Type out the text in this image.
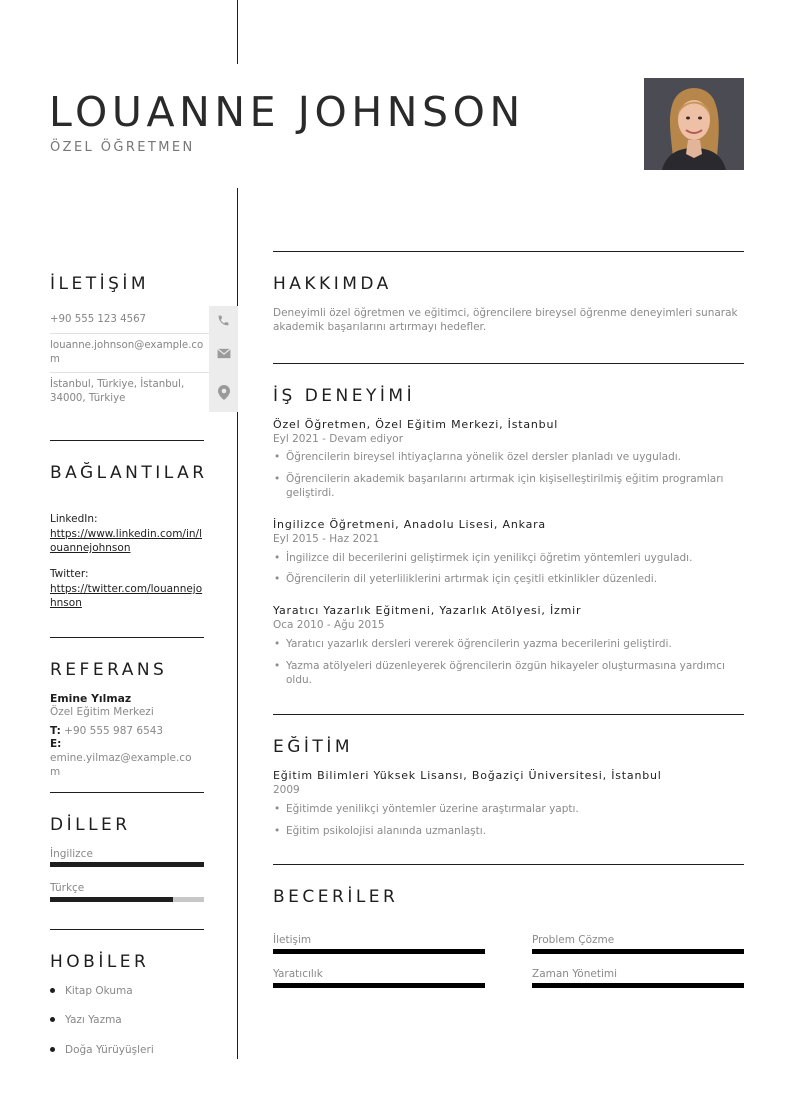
LOUANNE JOHNSON
ÖZEL ÖĞRETMEN
İLETİŞİM
+90 555 123 4567
louanne.johnson@example.com
İstanbul, Türkiye, İstanbul, 34000, Türkiye
BAĞLANTILAR
LinkedIn:
https://www.linkedin.com/in/louannejohnson
Twitter:
https://twitter.com/louannejohnson
REFERANS
Emine Yılmaz
Özel Eğitim Merkezi
T: +90 555 987 6543
E: emine.yilmaz@example.com
DİLLER
İngilizce
Türkçe
HOBİLER
Kitap Okuma
Yazı Yazma
Doğa Yürüyüşleri
HAKKIMDA

Deneyimli özel öğretmen ve eğitimci, öğrencilere bireysel öğrenme deneyimleri sunarak akademik başarılarını artırmayı hedefler.

İŞ DENEYİMİ
Özel Öğretmen, Özel Eğitim Merkezi, İstanbul
Eyl 2021 - Devam ediyor
• Öğrencilerin bireysel ihtiyaçlarına yönelik özel dersler planladı ve uyguladı.
• Öğrencilerin akademik başarılarını artırmak için kişiselleştirilmiş eğitim programları geliştirdi.
İngilizce Öğretmeni, Anadolu Lisesi, Ankara
Eyl 2015 - Haz 2021
• İngilizce dil becerilerini geliştirmek için yenilikçi öğretim yöntemleri uyguladı.
• Öğrencilerin dil yeterliliklerini artırmak için çeşitli etkinlikler düzenledi.
Yaratıcı Yazarlık Eğitmeni, Yazarlık Atölyesi, İzmir
Oca 2010 - Ağu 2015
• Yaratıcı yazarlık dersleri vererek öğrencilerin yazma becerilerini geliştirdi.
• Yazma atölyeleri düzenleyerek öğrencilerin özgün hikayeler oluşturmasına yardımcı oldu.
EĞİTİM
Eğitim Bilimleri Yüksek Lisansı, Boğaziçi Üniversitesi, İstanbul
2009
• Eğitimde yenilikçi yöntemler üzerine araştırmalar yaptı.
• Eğitim psikolojisi alanında uzmanlaştı.
BECERİLER
İletişim	Problem Çözme
Yaratıcılık	Zaman Yönetimi
